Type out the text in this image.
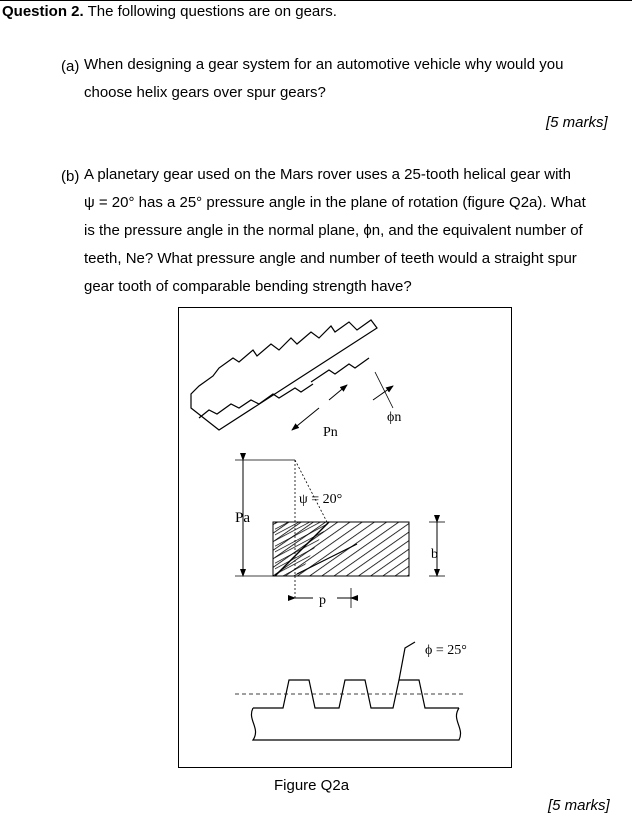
Question 2. The following questions are on gears.
(a) When designing a gear system for an automotive vehicle why would you
choose helix gears over spur gears?
[5 marks]
(b) A planetary gear used on the Mars rover uses a 25-tooth helical gear with
ψ = 20° has a 25° pressure angle in the plane of rotation (figure Q2a). What
is the pressure angle in the normal plane, ϕn, and the equivalent number of
teeth, Ne? What pressure angle and number of teeth would a straight spur
gear tooth of comparable bending strength have?
ϕn
Pn
ψ = 20°
Pa
b
p
ϕ = 25°
Figure Q2a
[5 marks]
